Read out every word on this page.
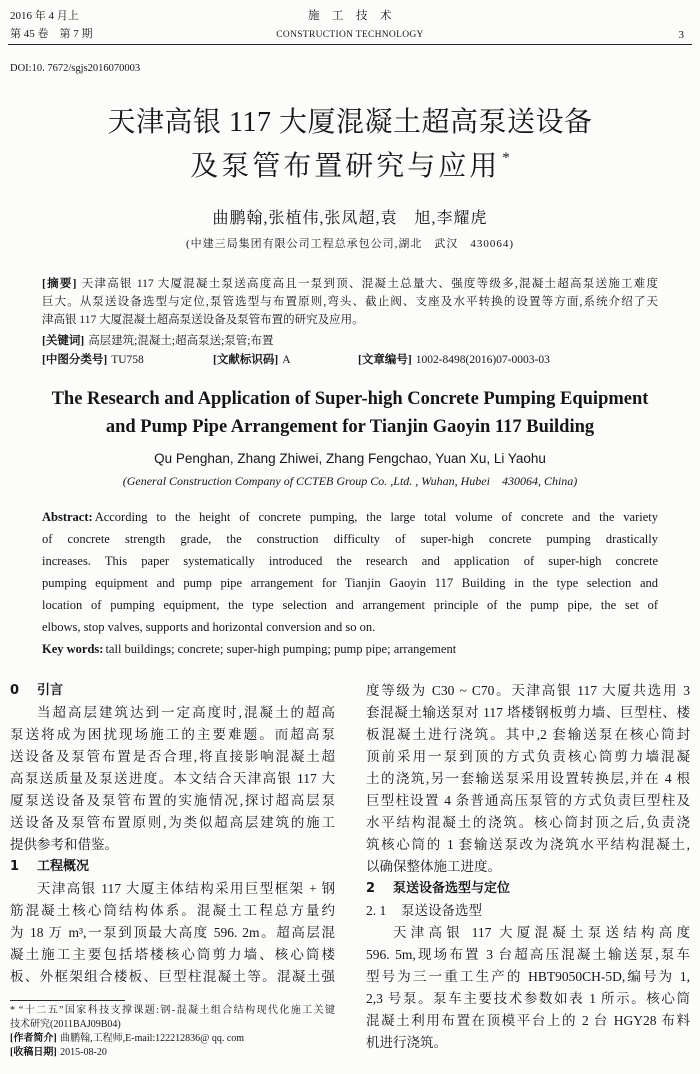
2016 年 4 月上
第 45 卷　第 7 期
施　工　技　术
CONSTRUCTION TECHNOLOGY	3
DOI:10. 7672/sgjs2016070003
天津高银 117 大厦混凝土超高泵送设备
及泵管布置研究与应用 *
曲鹏翰,张植伟,张凤超,袁　旭,李耀虎
(中建三局集团有限公司工程总承包公司,湖北　武汉　430064)
[摘要] 天津高银 117 大厦混凝土泵送高度高且一泵到顶、混凝土总量大、强度等级多,混凝土超高泵送施工难度
巨大。从泵送设备选型与定位,泵管选型与布置原则,弯头、截止阀、支座及水平转换的设置等方面,系统介绍了天
津高银 117 大厦混凝土超高泵送设备及泵管布置的研究及应用。
[关键词] 高层建筑;混凝土;超高泵送;泵管;布置
[中图分类号] TU758	[文献标识码] A	[文章编号] 1002-8498(2016)07-0003-03
The Research and Application of Super-high Concrete Pumping Equipment
and Pump Pipe Arrangement for Tianjin Gaoyin 117 Building
Qu Penghan, Zhang Zhiwei, Zhang Fengchao, Yuan Xu, Li Yaohu
(General Construction Company of CCTEB Group Co. ,Ltd. , Wuhan, Hubei　430064, China)
Abstract: According to the height of concrete pumping, the large total volume of concrete and the variety
of concrete strength grade, the construction difficulty of super-high concrete pumping drastically
increases. This paper systematically introduced the research and application of super-high concrete
pumping equipment and pump pipe arrangement for Tianjin Gaoyin 117 Building in the type selection and
location of pumping equipment, the type selection and arrangement principle of the pump pipe, the set of
elbows, stop valves, supports and horizontal conversion and so on.
Key words: tall buildings; concrete; super-high pumping; pump pipe; arrangement
0 引言
当超高层建筑达到一定高度时,混凝土的超高
泵送将成为困扰现场施工的主要难题。而超高泵
送设备及泵管布置是否合理,将直接影响混凝土超
高泵送质量及泵送进度。本文结合天津高银 117 大
厦泵送设备及泵管布置的实施情况,探讨超高层泵
送设备及泵管布置原则,为类似超高层建筑的施工
提供参考和借鉴。
1 工程概况
天津高银 117 大厦主体结构采用巨型框架 + 钢
筋混凝土核心筒结构体系。混凝土工程总方量约
为 18 万 m³,一泵到顶最大高度 596. 2m。超高层混
凝土施工主要包括塔楼核心筒剪力墙、核心筒楼
板、外框架组合楼板、巨型柱混凝土等。混凝土强
度等级为 C30 ~ C70。天津高银 117 大厦共选用 3
套混凝土输送泵对 117 塔楼钢板剪力墙、巨型柱、楼
板混凝土进行浇筑。其中,2 套输送泵在核心筒封
顶前采用一泵到顶的方式负责核心筒剪力墙混凝
土的浇筑,另一套输送泵采用设置转换层,并在 4 根
巨型柱设置 4 条普通高压泵管的方式负责巨型柱及
水平结构混凝土的浇筑。核心筒封顶之后,负责浇
筑核心筒的 1 套输送泵改为浇筑水平结构混凝土,
以确保整体施工进度。
2 泵送设备选型与定位
2. 1 泵送设备选型
天津高银 117 大厦混凝土泵送结构高度
596. 5m,现场布置 3 台超高压混凝土输送泵,泵车
型号为三一重工生产的 HBT9050CH-5D,编号为 1,
2,3 号泵。泵车主要技术参数如表 1 所示。核心筒
混凝土利用布置在顶模平台上的 2 台 HGY28 布料
机进行浇筑。
* “十二五”国家科技支撑课题:钢-混凝土组合结构现代化施工关键
技术研究(2011BAJ09B04)
[作者简介] 曲鹏翰,工程师,E-mail:122212836@ qq. com
[收稿日期] 2015-08-20
